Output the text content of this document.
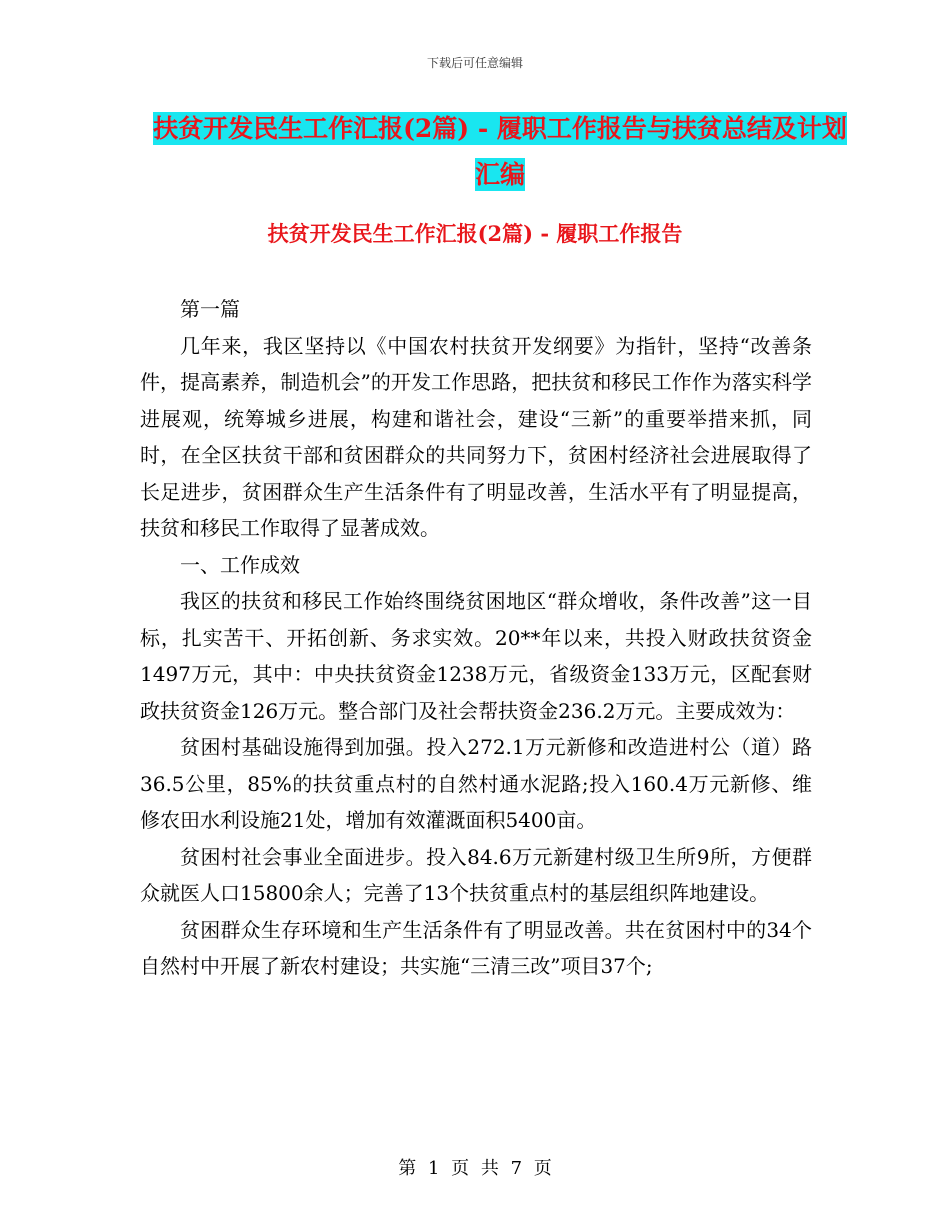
下载后可任意编辑
扶贫开发民生工作汇报(2篇) - 履职工作报告与扶贫总结及计划汇编
扶贫开发民生工作汇报(2篇) - 履职工作报告

第一篇

几年来，我区坚持以《中国农村扶贫开发纲要》为指针，坚持“改善条件，提高素养，制造机会”的开发工作思路，把扶贫和移民工作作为落实科学进展观，统筹城乡进展，构建和谐社会，建设“三新”的重要举措来抓，同时，在全区扶贫干部和贫困群众的共同努力下，贫困村经济社会进展取得了长足进步，贫困群众生产生活条件有了明显改善，生活水平有了明显提高，扶贫和移民工作取得了显著成效。

一、工作成效

我区的扶贫和移民工作始终围绕贫困地区“群众增收，条件改善”这一目标，扎实苦干、开拓创新、务求实效。20**年以来，共投入财政扶贫资金1497万元，其中：中央扶贫资金1238万元，省级资金133万元，区配套财政扶贫资金126万元。整合部门及社会帮扶资金236.2万元。主要成效为：

贫困村基础设施得到加强。投入272.1万元新修和改造进村公（道）路36.5公里，85%的扶贫重点村的自然村通水泥路;投入160.4万元新修、维修农田水利设施21处，增加有效灌溉面积5400亩。

贫困村社会事业全面进步。投入84.6万元新建村级卫生所9所，方便群众就医人口15800余人；完善了13个扶贫重点村的基层组织阵地建设。

贫困群众生存环境和生产生活条件有了明显改善。共在贫困村中的34个自然村中开展了新农村建设；共实施“三清三改”项目37个;

第 1 页 共 7 页
